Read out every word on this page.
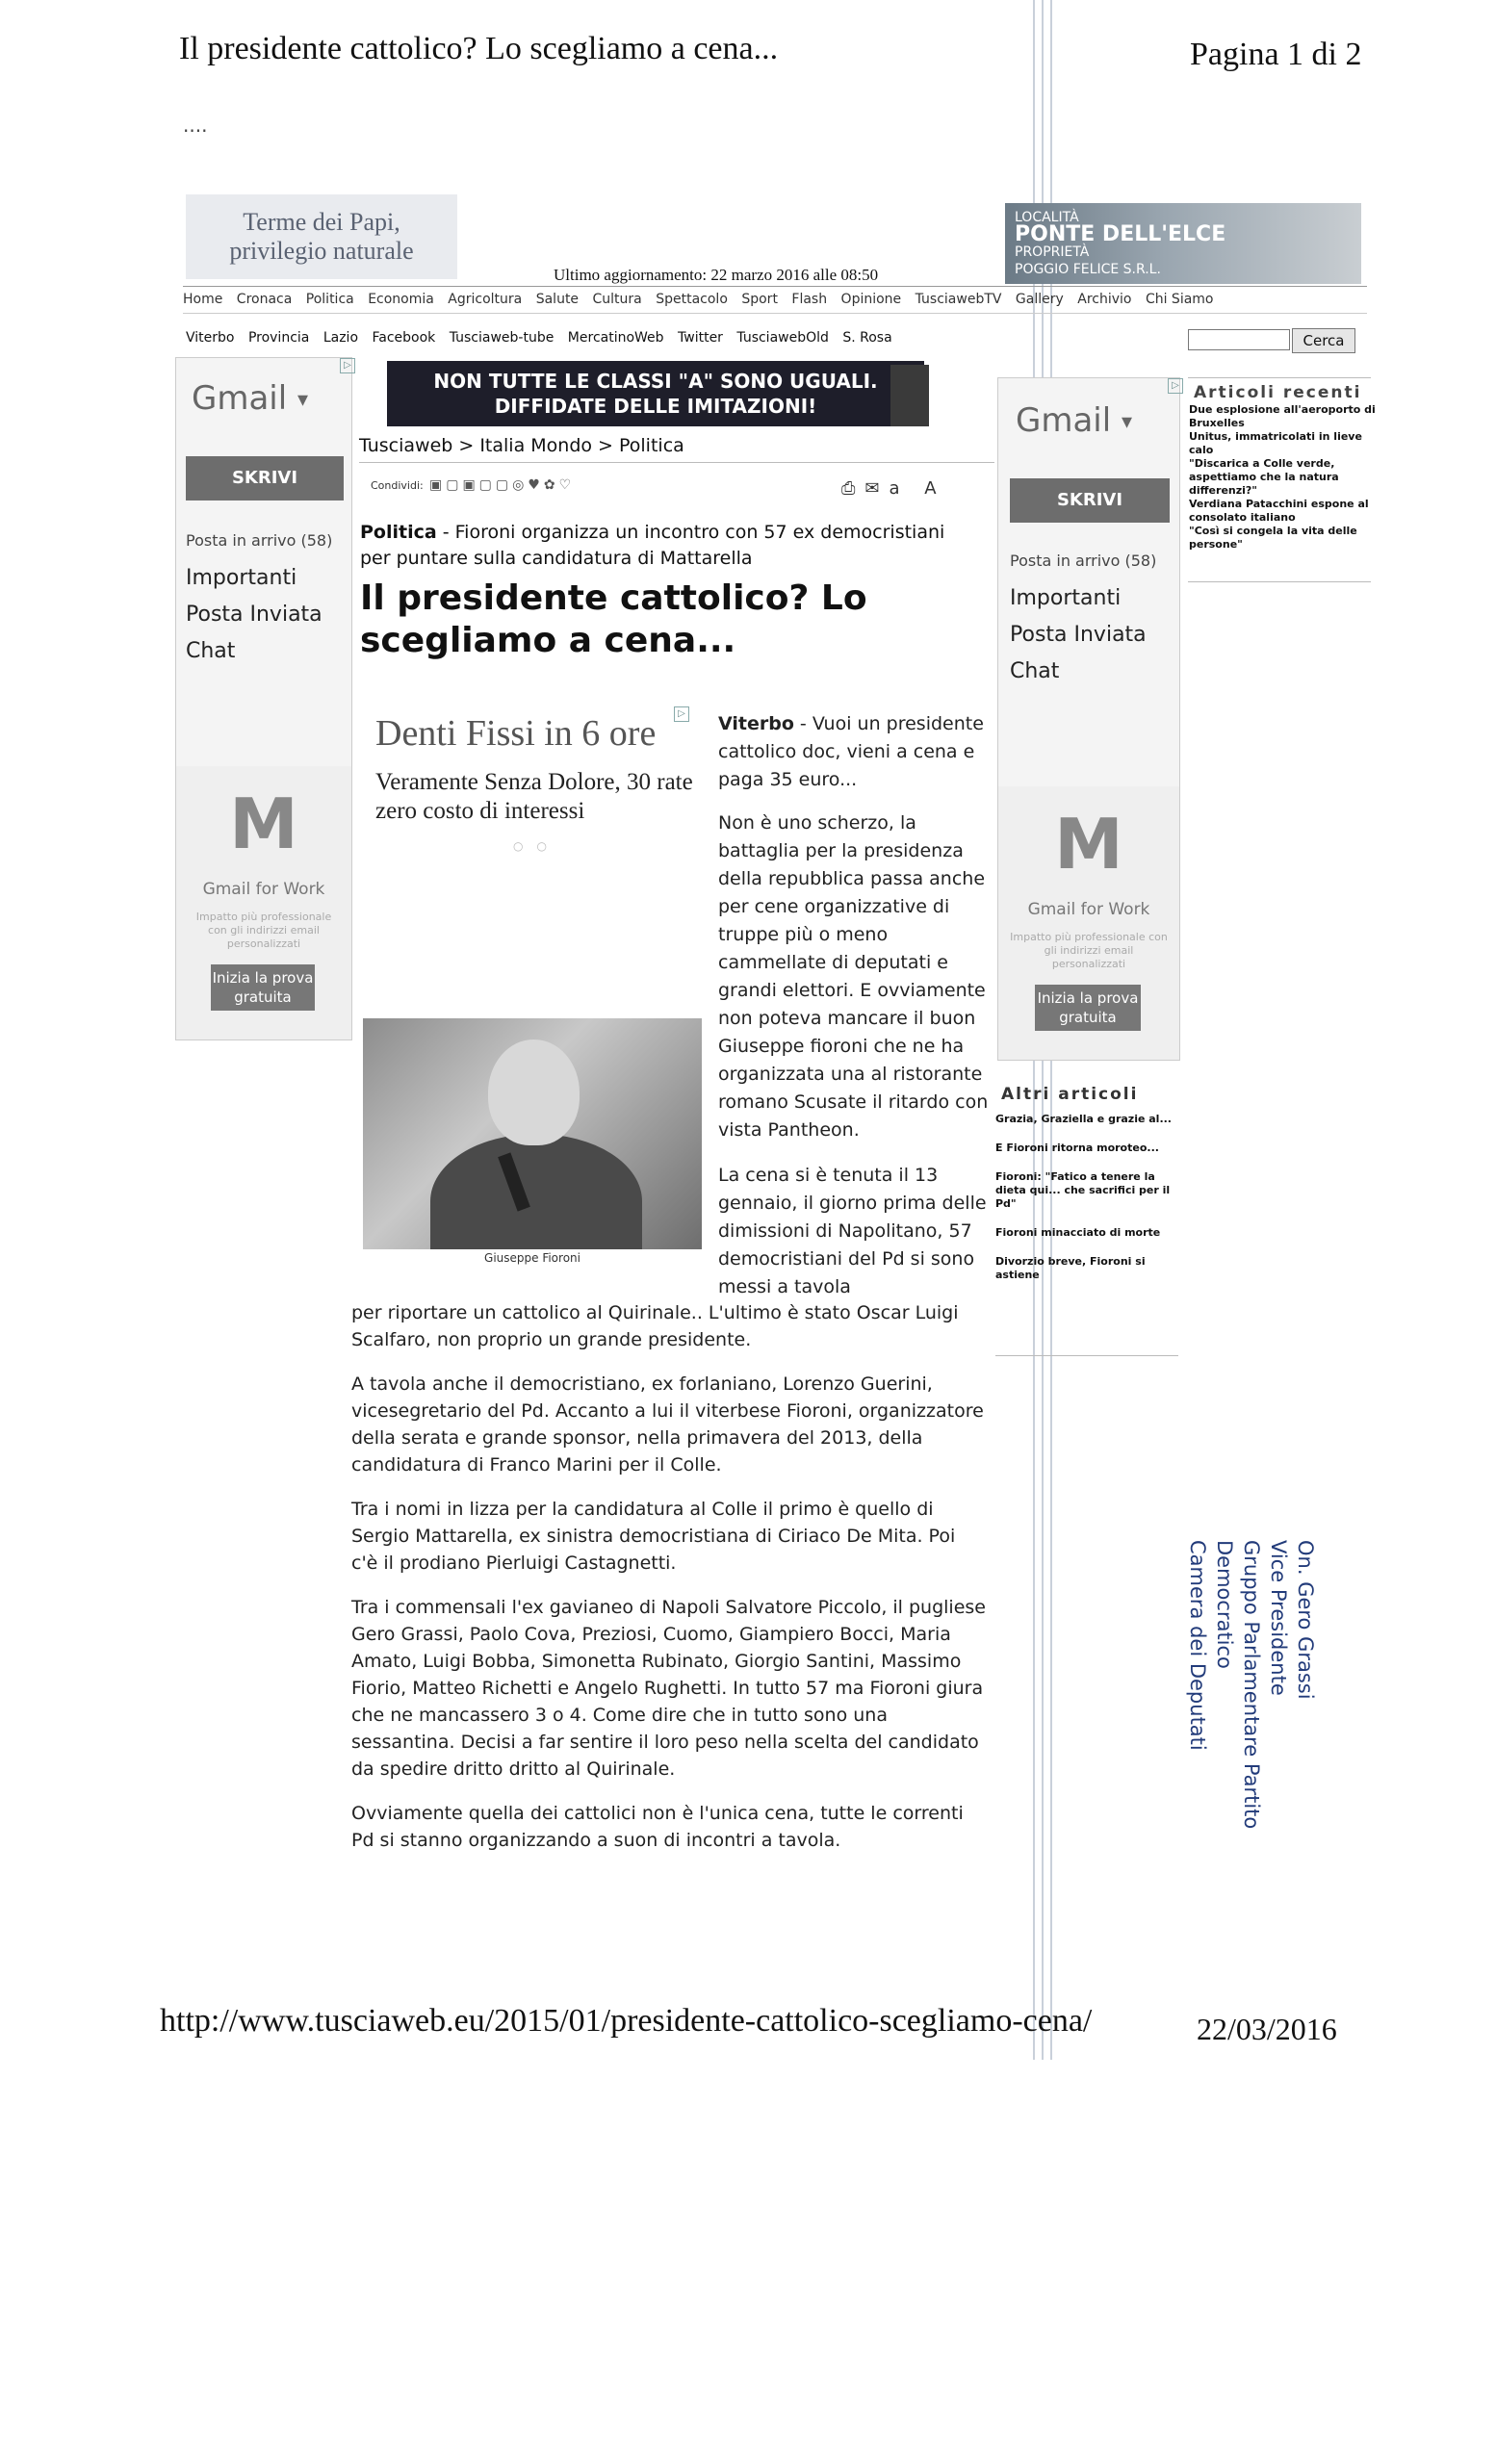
Il presidente cattolico? Lo scegliamo a cena...	Pagina 1 di 2
....
Terme dei Papi,
privilegio naturale
Ultimo aggiornamento: 22 marzo 2016 alle 08:50
LOCALITÀ
PONTE DELL'ELCE
PROPRIETÀ
POGGIO FELICE S.R.L.
Home Cronaca Politica Economia Agricoltura Salute Cultura Spettacolo Sport Flash Opinione TusciawebTV Gallery Archivio Chi Siamo
Viterbo Provincia Lazio Facebook Tusciaweb-tube MercatinoWeb Twitter TusciawebOld S. Rosa	Cerca
▷
Gmail ▾
SKRIVI
Posta in arrivo (58)
Importanti
Posta Inviata
Chat
M
Gmail for Work
Impatto più professionale con gli indirizzi email personalizzati
Inizia la prova gratuita
NON TUTTE LE CLASSI "A" SONO UGUALI.
DIFFIDATE DELLE IMITAZIONI!
Tusciaweb > Italia Mondo > Politica
Condividi: ▣▢▣▢▢◎♥✿♡	⎙✉a A
Politica - Fioroni organizza un incontro con 57 ex democristiani per puntare sulla candidatura di Mattarella
Il presidente cattolico? Lo scegliamo a cena...
▷
Denti Fissi in 6 ore
Veramente Senza Dolore, 30 rate zero costo di interessi
○○

Viterbo - Vuoi un presidente cattolico doc, vieni a cena e paga 35 euro...

Non è uno scherzo, la battaglia per la presidenza della repubblica passa anche per cene organizzative di truppe più o meno cammellate di deputati e grandi elettori. E ovviamente non poteva mancare il buon Giuseppe fioroni che ne ha organizzata una al ristorante romano Scusate il ritardo con vista Pantheon.

Giuseppe Fioroni
La cena si è tenuta il 13 gennaio, il giorno prima delle dimissioni di Napolitano, 57 democristiani del Pd si sono messi a tavola

per riportare un cattolico al Quirinale.. L'ultimo è stato Oscar Luigi Scalfaro, non proprio un grande presidente.

A tavola anche il democristiano, ex forlaniano, Lorenzo Guerini, vicesegretario del Pd. Accanto a lui il viterbese Fioroni, organizzatore della serata e grande sponsor, nella primavera del 2013, della candidatura di Franco Marini per il Colle.

Tra i nomi in lizza per la candidatura al Colle il primo è quello di Sergio Mattarella, ex sinistra democristiana di Ciriaco De Mita. Poi c'è il prodiano Pierluigi Castagnetti.

Tra i commensali l'ex gavianeo di Napoli Salvatore Piccolo, il pugliese Gero Grassi, Paolo Cova, Preziosi, Cuomo, Giampiero Bocci, Maria Amato, Luigi Bobba, Simonetta Rubinato, Giorgio Santini, Massimo Fiorio, Matteo Richetti e Angelo Rughetti. In tutto 57 ma Fioroni giura che ne mancassero 3 o 4. Come dire che in tutto sono una sessantina. Decisi a far sentire il loro peso nella scelta del candidato da spedire dritto dritto al Quirinale.

Ovviamente quella dei cattolici non è l'unica cena, tutte le correnti Pd si stanno organizzando a suon di incontri a tavola.

▷
Gmail ▾
SKRIVI
Posta in arrivo (58)
Importanti
Posta Inviata
Chat
M
Gmail for Work
Impatto più professionale con gli indirizzi email personalizzati
Inizia la prova gratuita
Articoli recenti
Due esplosione all'aeroporto di Bruxelles
Unitus, immatricolati in lieve calo
"Discarica a Colle verde, aspettiamo che la natura differenzi?"
Verdiana Patacchini espone al consolato italiano
"Così si congela la vita delle persone"
Altri articoli
Grazia, Graziella e grazie al...
E Fioroni ritorna moroteo...
Fioroni: "Fatico a tenere la dieta qui... che sacrifici per il Pd"
Fioroni minacciato di morte
Divorzio breve, Fioroni si astiene
On. Gero Grassi
Vice Presidente
Gruppo Parlamentare Partito Democratico
Camera dei Deputati
http://www.tusciaweb.eu/2015/01/presidente-cattolico-scegliamo-cena/	22/03/2016
